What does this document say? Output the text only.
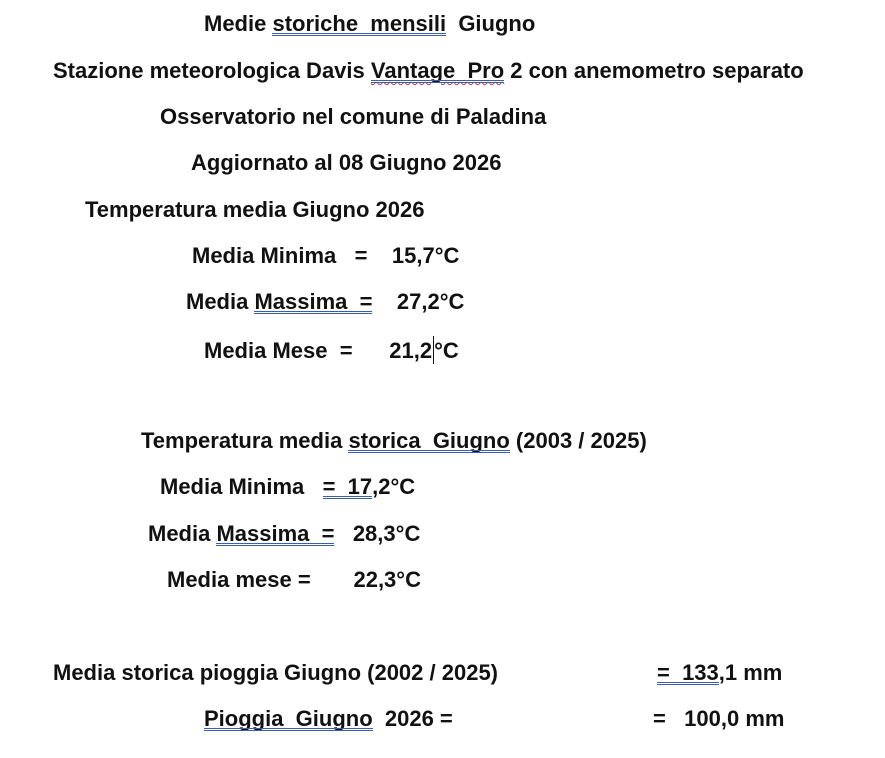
Medie storiche  mensili  Giugno
Stazione meteorologica Davis Vantage  Pro 2 con anemometro separato
Osservatorio nel comune di Paladina
Aggiornato al 08 Giugno 2026
Temperatura media Giugno 2026
Media Minima   =    15,7°C
Media Massima  =    27,2°C
Media Mese  =      21,2°C
Temperatura media storica  Giugno (2003 / 2025)
Media Minima   =  17,2°C
Media Massima  =   28,3°C
Media mese =       22,3°C
Media storica pioggia Giugno (2002 / 2025)	=  133,1 mm
Pioggia  Giugno  2026 =	=   100,0 mm
